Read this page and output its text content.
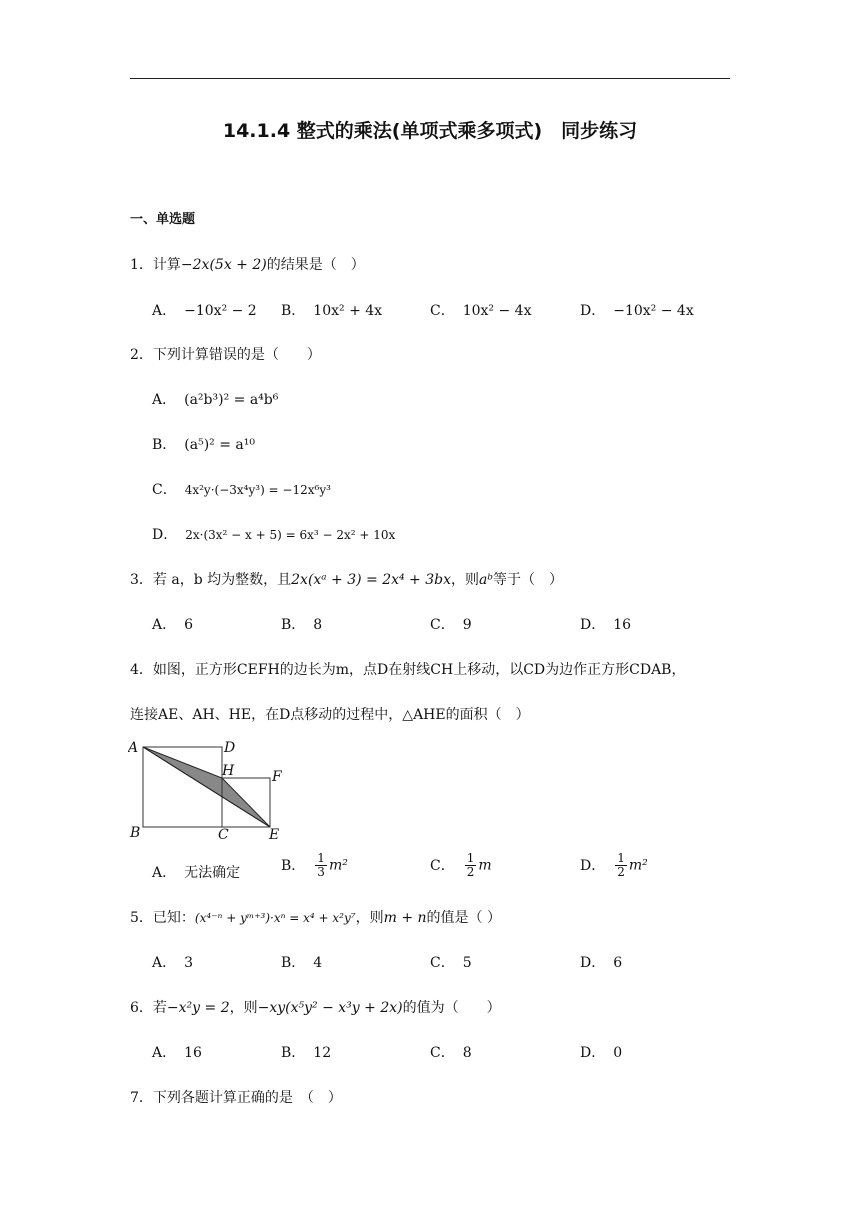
14.1.4 整式的乘法(单项式乘多项式)　同步练习
一、单选题
1．计算−2x(5x + 2)的结果是（　）
A． −10x² − 2 B． 10x² + 4x	C． 10x² − 4x	D． −10x² − 4x
2．下列计算错误的是（　　）
A． (a²b³)² = a⁴b⁶
B． (a⁵)² = a¹⁰
C． 4x²y·(−3x⁴y³) = −12x⁶y³
D． 2x·(3x² − x + 5) = 6x³ − 2x² + 10x
3．若 a，b 均为整数，且2x(xᵃ + 3) = 2x⁴ + 3bx，则aᵇ等于（　）
A． 6	B． 8	C． 9	D． 16
4．如图，正方形CEFH的边长为m，点D在射线CH上移动，以CD为边作正方形CDAB，
连接AE、AH、HE，在D点移动的过程中，△AHE的面积（　）
A	D
H	F
B	C	E
A． 无法确定	B． $\frac{1}{3} m^2$	C． $\frac{1}{2}$ m	D． $\frac{1}{2} m^2$
5．已知：(x⁴⁻ⁿ + yᵐ⁺³)·xⁿ = x⁴ + x²y⁷，则m + n的值是（ ）
A． 3	B． 4	C． 5	D． 6
6．若−x²y = 2，则−xy(x⁵y² − x³y + 2x)的值为（　　）
A． 16	B． 12	C． 8	D． 0
7．下列各题计算正确的是　（　）
